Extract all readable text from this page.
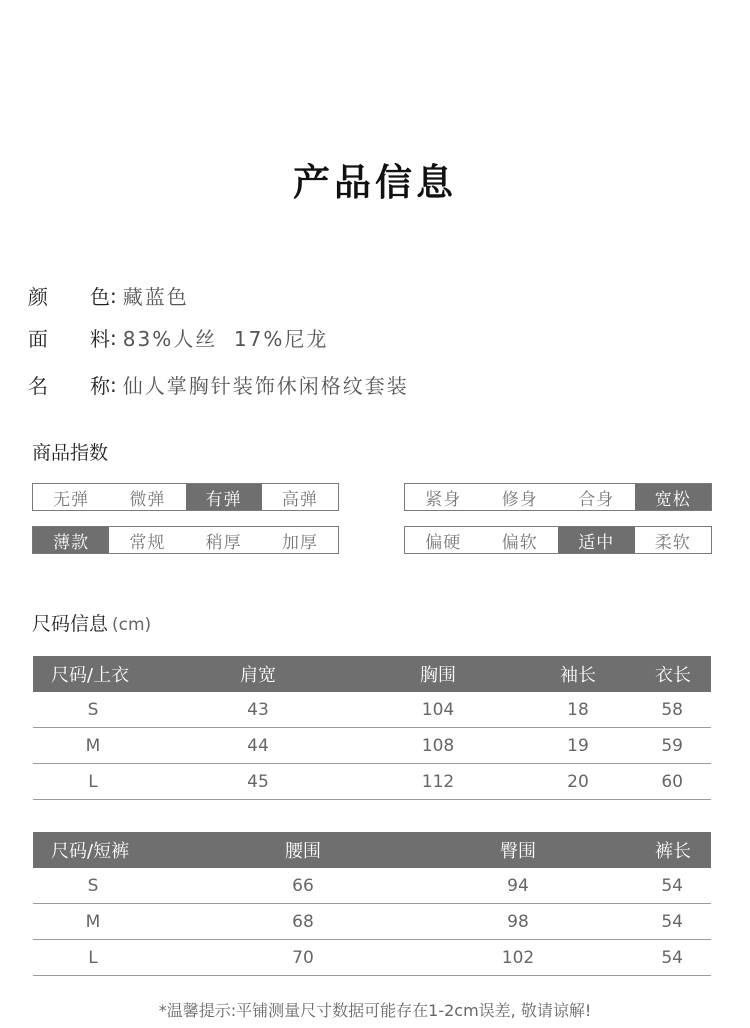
产品信息
颜 色 : 藏蓝色
面 料 : 83%人丝  17%尼龙
名 称 : 仙人掌胸针装饰休闲格纹套装
商品指数
无弹	微弹	有弹	高弹	紧身	修身	合身	宽松
薄款	常规	稍厚	加厚	偏硬	偏软	适中	柔软
尺码信息 (cm)
尺码/上衣	肩宽	胸围	袖长	衣长
S	43	104	18	58
M	44	108	19	59
L	45	112	20	60
尺码/短裤	腰围	臀围	裤长
S	66	94	54
M	68	98	54
L	70	102	54
*温馨提示:平铺测量尺寸数据可能存在1-2cm误差, 敬请谅解!
